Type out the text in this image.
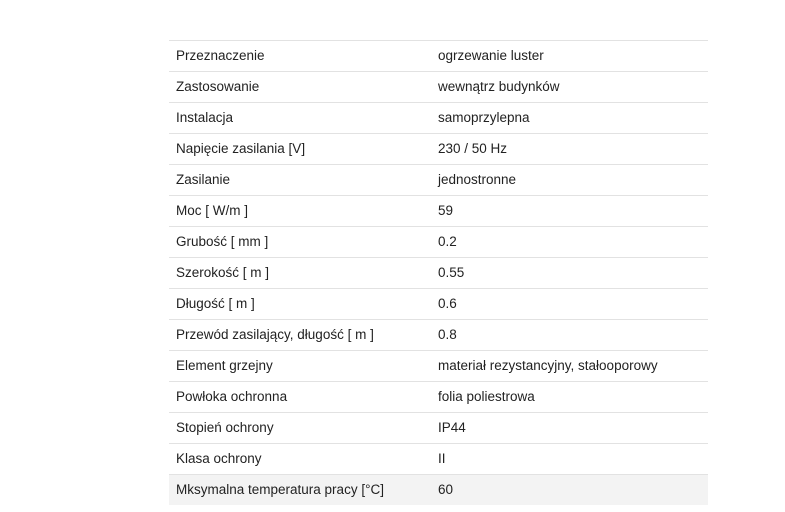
Przeznaczenie	ogrzewanie luster
Zastosowanie	wewnątrz budynków
Instalacja	samoprzylepna
Napięcie zasilania [V]	230 / 50 Hz
Zasilanie	jednostronne
Moc [ W/m ]	59
Grubość [ mm ]	0.2
Szerokość [ m ]	0.55
Długość [ m ]	0.6
Przewód zasilający, długość [ m ]	0.8
Element grzejny	materiał rezystancyjny, stałooporowy
Powłoka ochronna	folia poliestrowa
Stopień ochrony	IP44
Klasa ochrony	II
Mksymalna temperatura pracy [°C]	60
